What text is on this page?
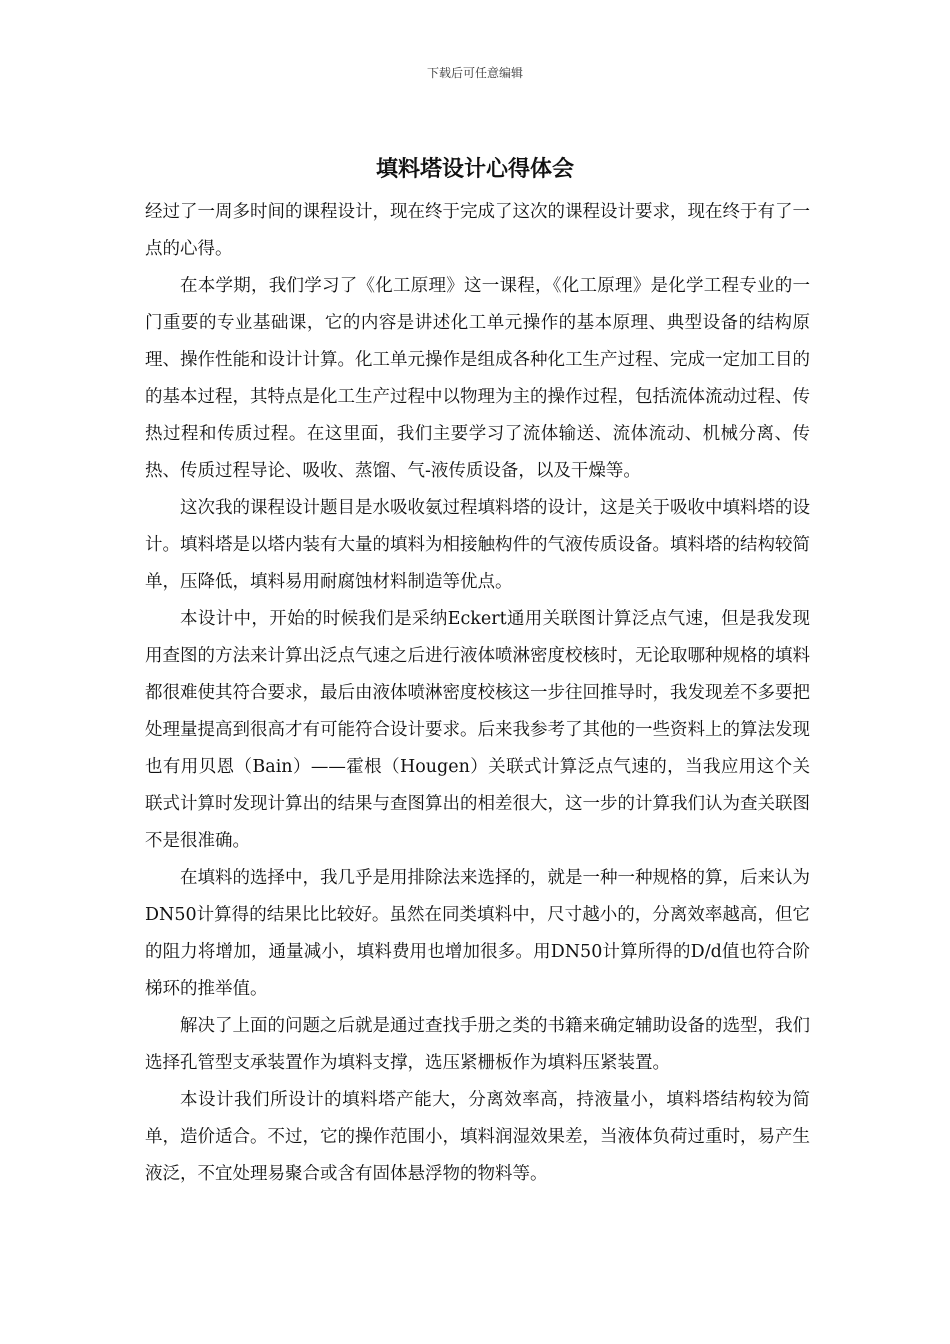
下载后可任意编辑
填料塔设计心得体会

经过了一周多时间的课程设计，现在终于完成了这次的课程设计要求，现在终于有了一点的心得。

在本学期，我们学习了《化工原理》这一课程，《化工原理》是化学工程专业的一门重要的专业基础课，它的内容是讲述化工单元操作的基本原理、典型设备的结构原理、操作性能和设计计算。化工单元操作是组成各种化工生产过程、完成一定加工目的的基本过程，其特点是化工生产过程中以物理为主的操作过程，包括流体流动过程、传热过程和传质过程。在这里面，我们主要学习了流体输送、流体流动、机械分离、传热、传质过程导论、吸收、蒸馏、气-液传质设备，以及干燥等。

这次我的课程设计题目是水吸收氨过程填料塔的设计，这是关于吸收中填料塔的设计。填料塔是以塔内装有大量的填料为相接触构件的气液传质设备。填料塔的结构较简单，压降低，填料易用耐腐蚀材料制造等优点。

本设计中，开始的时候我们是采纳Eckert通用关联图计算泛点气速，但是我发现用查图的方法来计算出泛点气速之后进行液体喷淋密度校核时，无论取哪种规格的填料都很难使其符合要求，最后由液体喷淋密度校核这一步往回推导时，我发现差不多要把处理量提高到很高才有可能符合设计要求。后来我参考了其他的一些资料上的算法发现也有用贝恩（Bain）——霍根（Hougen）关联式计算泛点气速的，当我应用这个关联式计算时发现计算出的结果与查图算出的相差很大，这一步的计算我们认为查关联图不是很准确。

在填料的选择中，我几乎是用排除法来选择的，就是一种一种规格的算，后来认为DN50计算得的结果比比较好。虽然在同类填料中，尺寸越小的，分离效率越高，但它的阻力将增加，通量减小，填料费用也增加很多。用DN50计算所得的D/d值也符合阶梯环的推举值。

解决了上面的问题之后就是通过查找手册之类的书籍来确定辅助设备的选型，我们选择孔管型支承装置作为填料支撑，选压紧栅板作为填料压紧装置。

本设计我们所设计的填料塔产能大，分离效率高，持液量小，填料塔结构较为简单，造价适合。不过，它的操作范围小，填料润湿效果差，当液体负荷过重时，易产生液泛，不宜处理易聚合或含有固体悬浮物的物料等。
